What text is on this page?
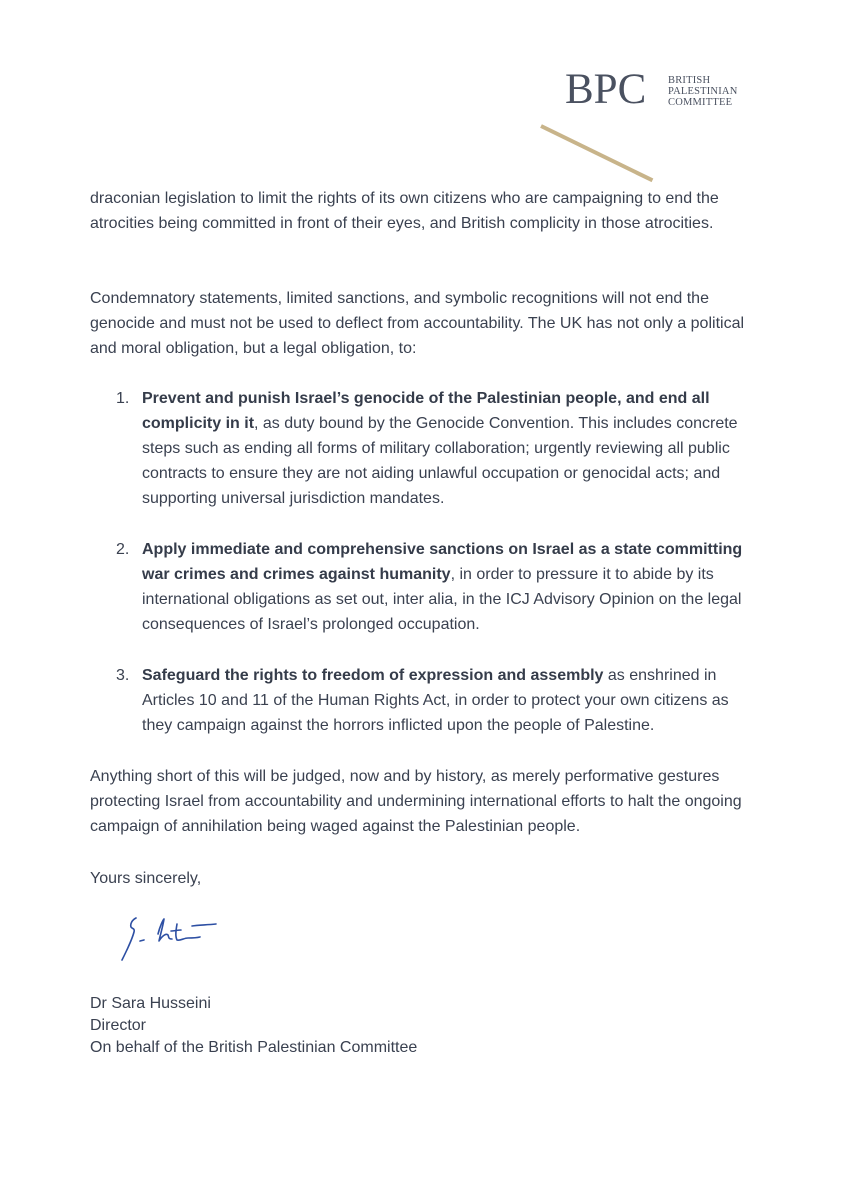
BPC BRITISH
PALESTINIAN
COMMITTEE

draconian legislation to limit the rights of its own citizens who are campaigning to end the atrocities being committed in front of their eyes, and British complicity in those atrocities.

Condemnatory statements, limited sanctions, and symbolic recognitions will not end the genocide and must not be used to deflect from accountability. The UK has not only a political and moral obligation, but a legal obligation, to:

1. Prevent and punish Israel’s genocide of the Palestinian people, and end all complicity in it, as duty bound by the Genocide Convention. This includes concrete steps such as ending all forms of military collaboration; urgently reviewing all public contracts to ensure they are not aiding unlawful occupation or genocidal acts; and supporting universal jurisdiction mandates.
2. Apply immediate and comprehensive sanctions on Israel as a state committing war crimes and crimes against humanity, in order to pressure it to abide by its international obligations as set out, inter alia, in the ICJ Advisory Opinion on the legal consequences of Israel’s prolonged occupation.
3. Safeguard the rights to freedom of expression and assembly as enshrined in Articles 10 and 11 of the Human Rights Act, in order to protect your own citizens as they campaign against the horrors inflicted upon the people of Palestine.

Anything short of this will be judged, now and by history, as merely performative gestures protecting Israel from accountability and undermining international efforts to halt the ongoing campaign of annihilation being waged against the Palestinian people.

Yours sincerely,

Dr Sara Husseini
Director
On behalf of the British Palestinian Committee
